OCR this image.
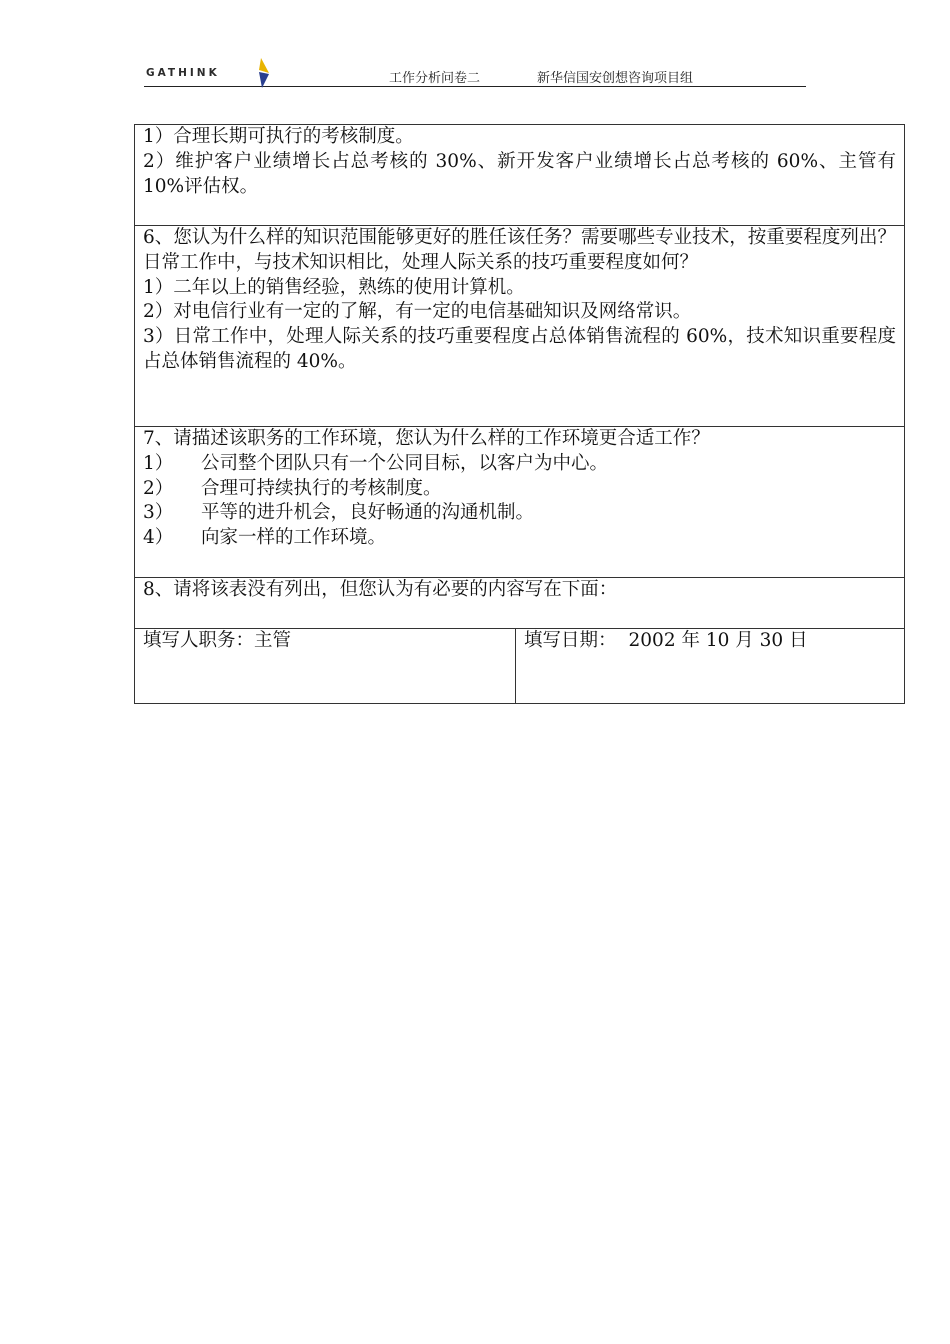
GATHINK	工作分析问卷二	新华信国安创想咨询项目组
1）合理长期可执行的考核制度。
2）维护客户业绩增长占总考核的 30%、新开发客户业绩增长占总考核的 60%、主管有 10%评估权。

6、您认为什么样的知识范围能够更好的胜任该任务？需要哪些专业技术，按重要程度列出？ 日常工作中，与技术知识相比，处理人际关系的技巧重要程度如何？
1）二年以上的销售经验，熟练的使用计算机。
2）对电信行业有一定的了解，有一定的电信基础知识及网络常识。
3）日常工作中，处理人际关系的技巧重要程度占总体销售流程的 60%，技术知识重要程度占总体销售流程的 40%。

7、请描述该职务的工作环境，您认为什么样的工作环境更合适工作？
1） 公司整个团队只有一个公同目标，以客户为中心。
2） 合理可持续执行的考核制度。
3） 平等的进升机会，良好畅通的沟通机制。
4） 向家一样的工作环境。

8、请将该表没有列出，但您认为有必要的内容写在下面：

填写人职务：主管	填写日期： 2002 年 10 月 30 日
